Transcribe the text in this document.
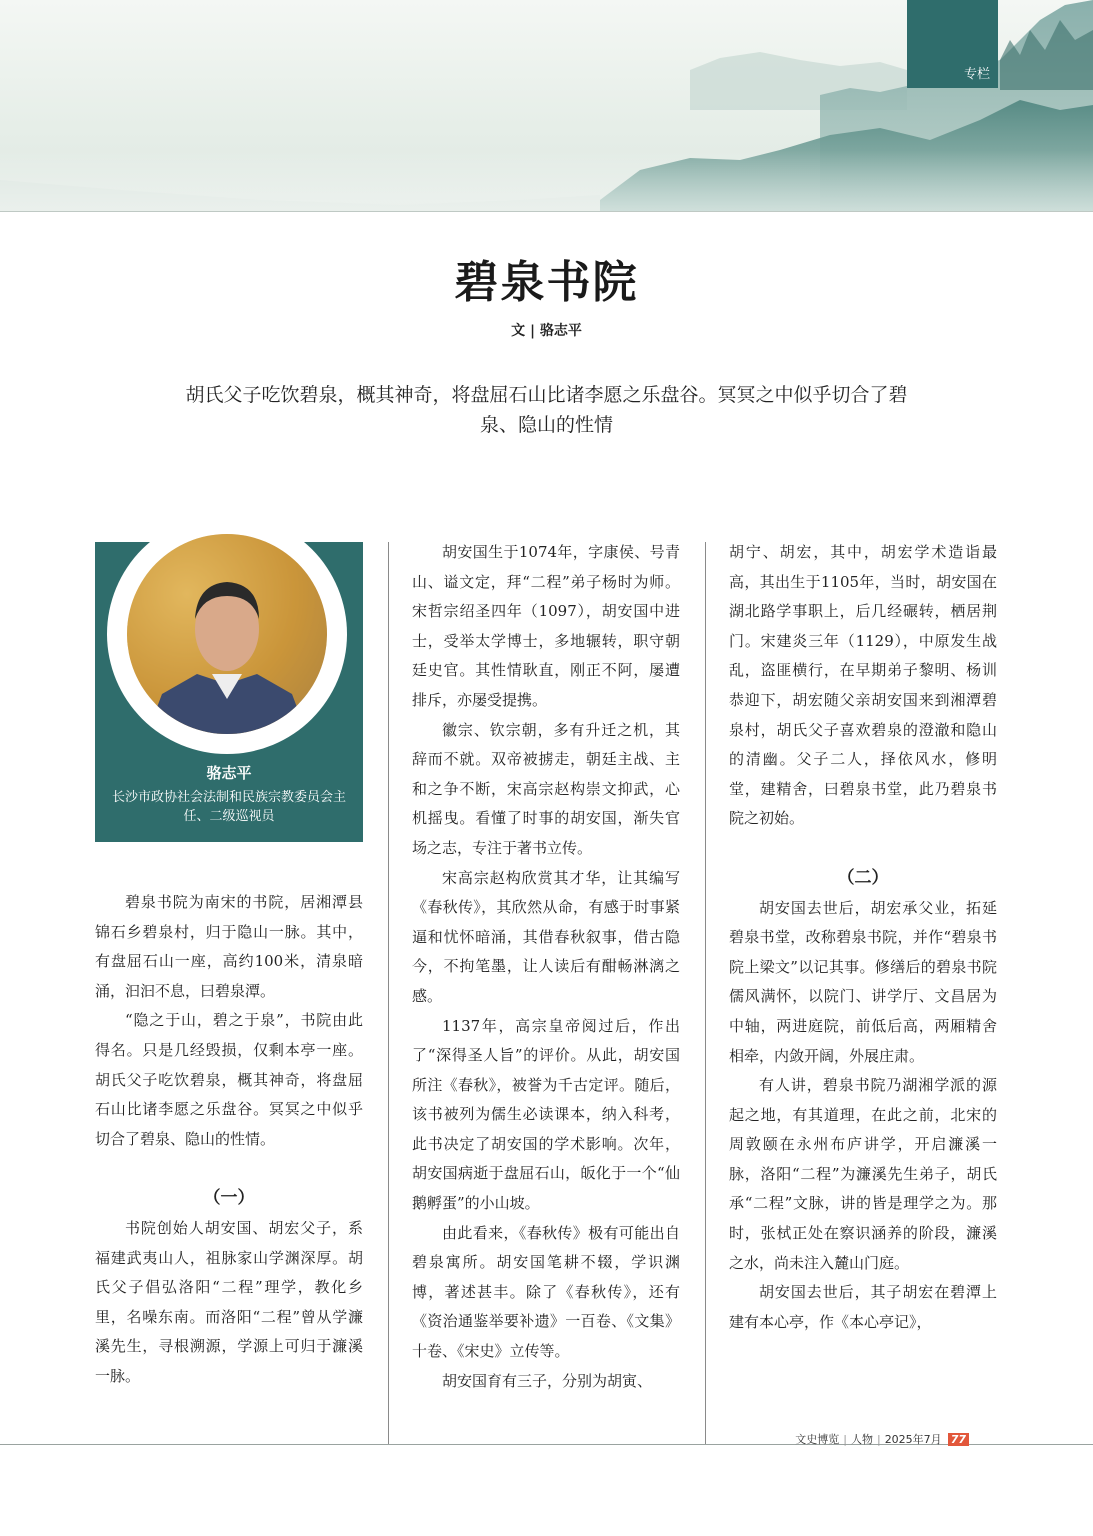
专栏
碧泉书院
文 | 骆志平
胡氏父子吃饮碧泉，概其神奇，将盘屈石山比诸李愿之乐盘谷。冥冥之中似乎切合了碧泉、隐山的性情
骆志平
长沙市政协社会法制和民族宗教委员会主任、二级巡视员

碧泉书院为南宋的书院，居湘潭县锦石乡碧泉村，归于隐山一脉。其中，有盘屈石山一座，高约100米，清泉暗涌，汩汩不息，曰碧泉潭。

“隐之于山，碧之于泉”，书院由此得名。只是几经毁损，仅剩本亭一座。胡氏父子吃饮碧泉，概其神奇，将盘屈石山比诸李愿之乐盘谷。冥冥之中似乎切合了碧泉、隐山的性情。

（一）

书院创始人胡安国、胡宏父子，系福建武夷山人，祖脉家山学渊深厚。胡氏父子倡弘洛阳“二程”理学，教化乡里，名噪东南。而洛阳“二程”曾从学濂溪先生，寻根溯源，学源上可归于濂溪一脉。

胡安国生于1074年，字康侯、号青山、谥文定，拜“二程”弟子杨时为师。宋哲宗绍圣四年（1097），胡安国中进士，受举太学博士，多地辗转，职守朝廷史官。其性情耿直，刚正不阿，屡遭排斥，亦屡受提携。

徽宗、钦宗朝，多有升迁之机，其辞而不就。双帝被掳走，朝廷主战、主和之争不断，宋高宗赵构崇文抑武，心机摇曳。看懂了时事的胡安国，渐失官场之志，专注于著书立传。

宋高宗赵构欣赏其才华，让其编写《春秋传》，其欣然从命，有感于时事紧逼和忧怀暗涌，其借春秋叙事，借古隐今，不拘笔墨，让人读后有酣畅淋漓之感。

1137年，高宗皇帝阅过后，作出了“深得圣人旨”的评价。从此，胡安国所注《春秋》，被誉为千古定评。随后，该书被列为儒生必读课本，纳入科考，此书决定了胡安国的学术影响。次年，胡安国病逝于盘屈石山，皈化于一个“仙鹅孵蛋”的小山坡。

由此看来，《春秋传》极有可能出自碧泉寓所。胡安国笔耕不辍，学识渊博，著述甚丰。除了《春秋传》，还有《资治通鉴举要补遗》一百卷、《文集》十卷、《宋史》立传等。

胡安国育有三子，分别为胡寅、

胡宁、胡宏，其中，胡宏学术造诣最高，其出生于1105年，当时，胡安国在湖北路学事职上，后几经碾转，栖居荆门。宋建炎三年（1129），中原发生战乱，盗匪横行，在早期弟子黎明、杨训恭迎下，胡宏随父亲胡安国来到湘潭碧泉村，胡氏父子喜欢碧泉的澄澈和隐山的清幽。父子二人，择依风水，修明堂，建精舍，曰碧泉书堂，此乃碧泉书院之初始。

（二）

胡安国去世后，胡宏承父业，拓延碧泉书堂，改称碧泉书院，并作“碧泉书院上梁文”以记其事。修缮后的碧泉书院儒风满怀，以院门、讲学厅、文昌居为中轴，两进庭院，前低后高，两厢精舍相牵，内敛开阔，外展庄肃。

有人讲，碧泉书院乃湖湘学派的源起之地，有其道理，在此之前，北宋的周敦颐在永州布庐讲学，开启濂溪一脉，洛阳“二程”为濂溪先生弟子，胡氏承“二程”文脉，讲的皆是理学之为。那时，张栻正处在察识涵养的阶段，濂溪之水，尚未注入麓山门庭。

胡安国去世后，其子胡宏在碧潭上建有本心亭，作《本心亭记》，

文史博览 | 人物 | 2025年7月 77
